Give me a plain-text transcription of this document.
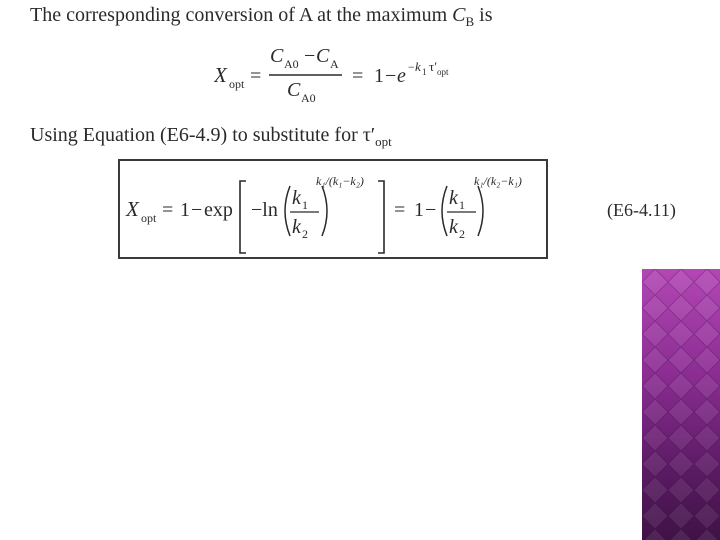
The corresponding conversion of A at the maximum $C_B$ is
X opt =
C A0 − C A
C A0
= 1 − e − k 1 τ′ opt
Using Equation (E6-4.9) to substitute for $\tau'_{opt}$
X opt = 1 − exp −ln
k 1
k 2
k₁/(k₁−k₂)
= 1 −
k 1
k 2
k₁/(k₂−k₁)
(E6-4.11)
